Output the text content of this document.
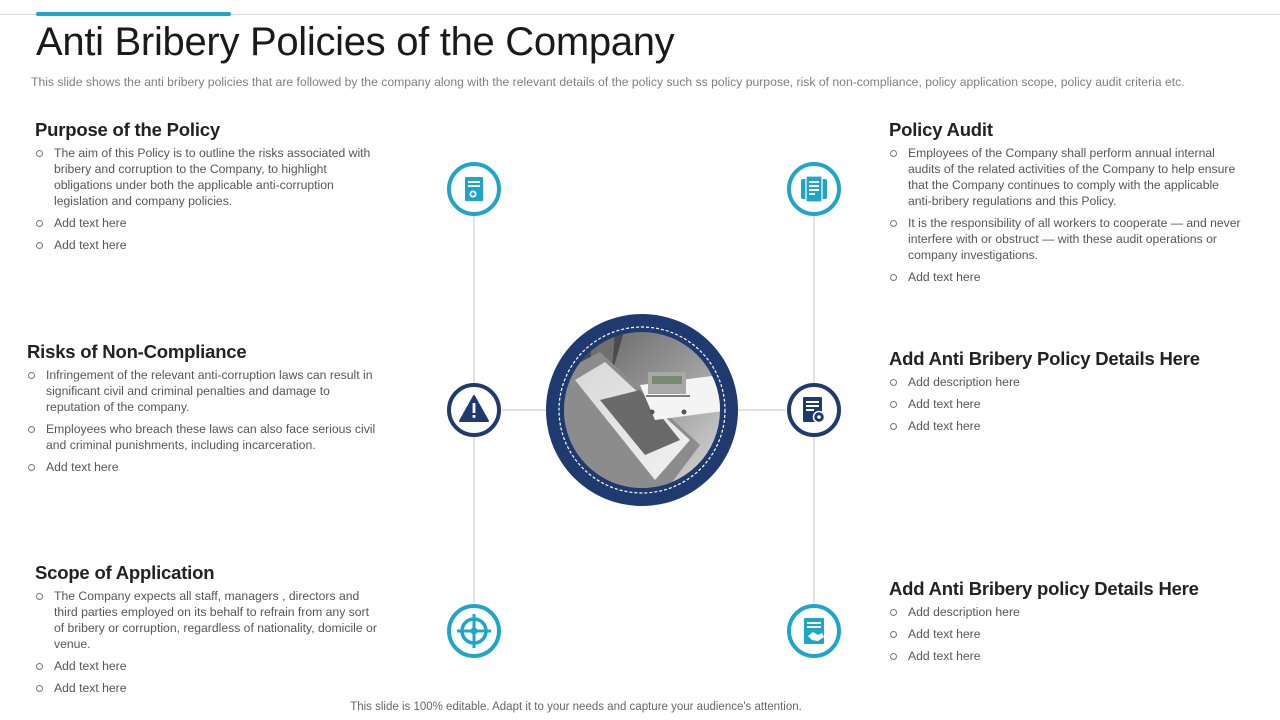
Anti Bribery Policies of the Company
This slide shows the anti bribery policies that are followed by the company along with the relevant details of the policy such ss policy purpose, risk of non-compliance, policy application scope, policy audit criteria etc.
Purpose of the Policy
The aim of this Policy is to outline the risks associated with bribery and corruption to the Company, to highlight obligations under both the applicable anti-corruption legislation and company policies.
Add text here
Add text here
Risks of Non-Compliance
Infringement of the relevant anti-corruption laws can result in significant civil and criminal penalties and damage to reputation of the company.
Employees who breach these laws can also face serious civil and criminal punishments, including incarceration.
Add text here
Scope of Application
The Company expects all staff, managers , directors and third parties employed on its behalf to refrain from any sort of bribery or corruption, regardless of nationality, domicile or venue.
Add text here
Add text here
Policy Audit
Employees of the Company shall perform annual internal audits of the related activities of the Company to help ensure that the Company continues to comply with the applicable anti-bribery regulations and this Policy.
It is the responsibility of all workers to cooperate — and never interfere with or obstruct — with these audit operations or company investigations.
Add text here
Add Anti Bribery Policy Details Here
Add description here
Add text here
Add text here
Add Anti Bribery policy Details Here
Add description here
Add text here
Add text here
This slide is 100% editable. Adapt it to your needs and capture your audience's attention.
